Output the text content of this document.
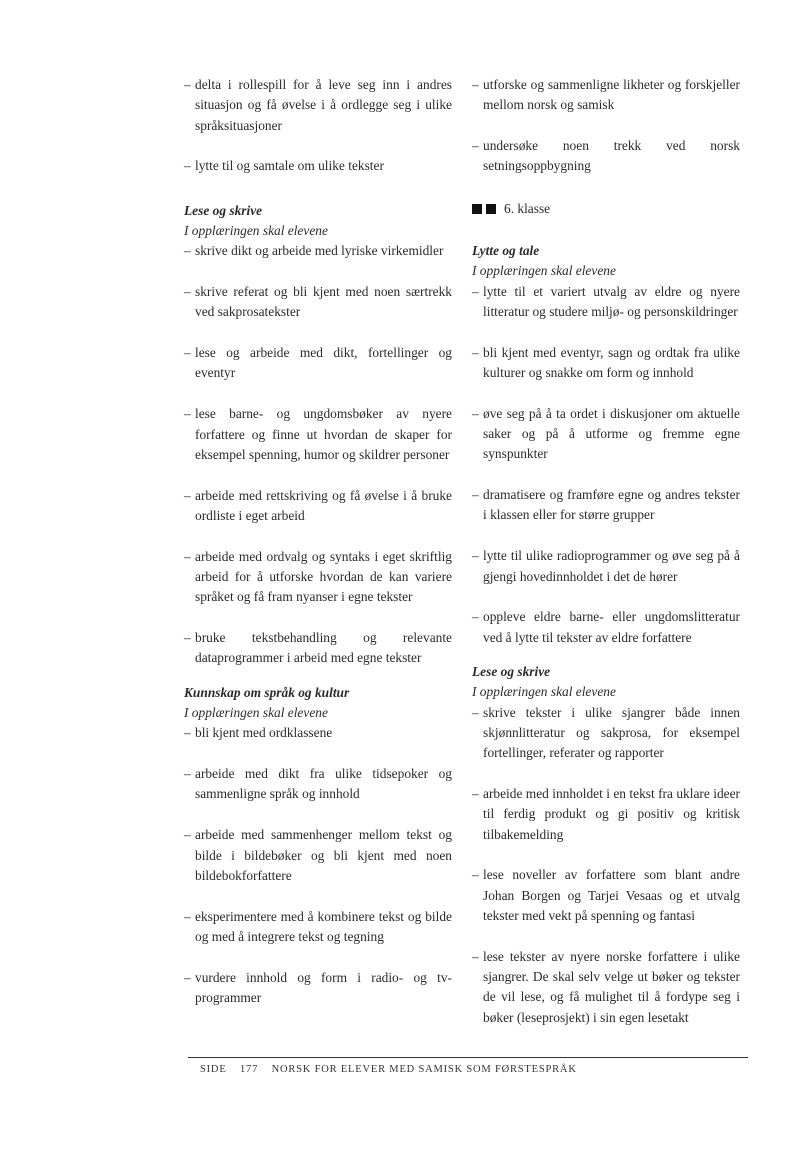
– delta i rollespill for å leve seg inn i andres situasjon og få øvelse i å ordlegge seg i ulike språksituasjoner

– lytte til og samtale om ulike tekster

Lese og skrive

I opplæringen skal elevene

– skrive dikt og arbeide med lyriske virkemidler

– skrive referat og bli kjent med noen særtrekk ved sakprosatekster

– lese og arbeide med dikt, fortellinger og eventyr

– lese barne- og ungdomsbøker av nyere forfattere og finne ut hvordan de skaper for eksempel spenning, humor og skildrer personer

– arbeide med rettskriving og få øvelse i å bruke ordliste i eget arbeid

– arbeide med ordvalg og syntaks i eget skriftlig arbeid for å utforske hvordan de kan variere språket og få fram nyanser i egne tekster

– bruke tekstbehandling og relevante dataprogrammer i arbeid med egne tekster

Kunnskap om språk og kultur

I opplæringen skal elevene

– bli kjent med ordklassene

– arbeide med dikt fra ulike tidsepoker og sammenligne språk og innhold

– arbeide med sammenhenger mellom tekst og bilde i bildebøker og bli kjent med noen bildebokforfattere

– eksperimentere med å kombinere tekst og bilde og med å integrere tekst og tegning

– vurdere innhold og form i radio- og tv-programmer

– utforske og sammenligne likheter og forskjeller mellom norsk og samisk

– undersøke noen trekk ved norsk setningsoppbygning

6. klasse

Lytte og tale

I opplæringen skal elevene

– lytte til et variert utvalg av eldre og nyere litteratur og studere miljø- og personskildringer

– bli kjent med eventyr, sagn og ordtak fra ulike kulturer og snakke om form og innhold

– øve seg på å ta ordet i diskusjoner om aktuelle saker og på å utforme og fremme egne synspunkter

– dramatisere og framføre egne og andres tekster i klassen eller for større grupper

– lytte til ulike radioprogrammer og øve seg på å gjengi hovedinnholdet i det de hører

– oppleve eldre barne- eller ungdomslitteratur ved å lytte til tekster av eldre forfattere

Lese og skrive

I opplæringen skal elevene

– skrive tekster i ulike sjangrer både innen skjønnlitteratur og sakprosa, for eksempel fortellinger, referater og rapporter

– arbeide med innholdet i en tekst fra uklare ideer til ferdig produkt og gi positiv og kritisk tilbakemelding

– lese noveller av forfattere som blant andre Johan Borgen og Tarjei Vesaas og et utvalg tekster med vekt på spenning og fantasi

– lese tekster av nyere norske forfattere i ulike sjangrer. De skal selv velge ut bøker og tekster de vil lese, og få mulighet til å fordype seg i bøker (leseprosjekt) i sin egen lesetakt

SIDE 177 NORSK FOR ELEVER MED SAMISK SOM FØRSTESPRÅK
